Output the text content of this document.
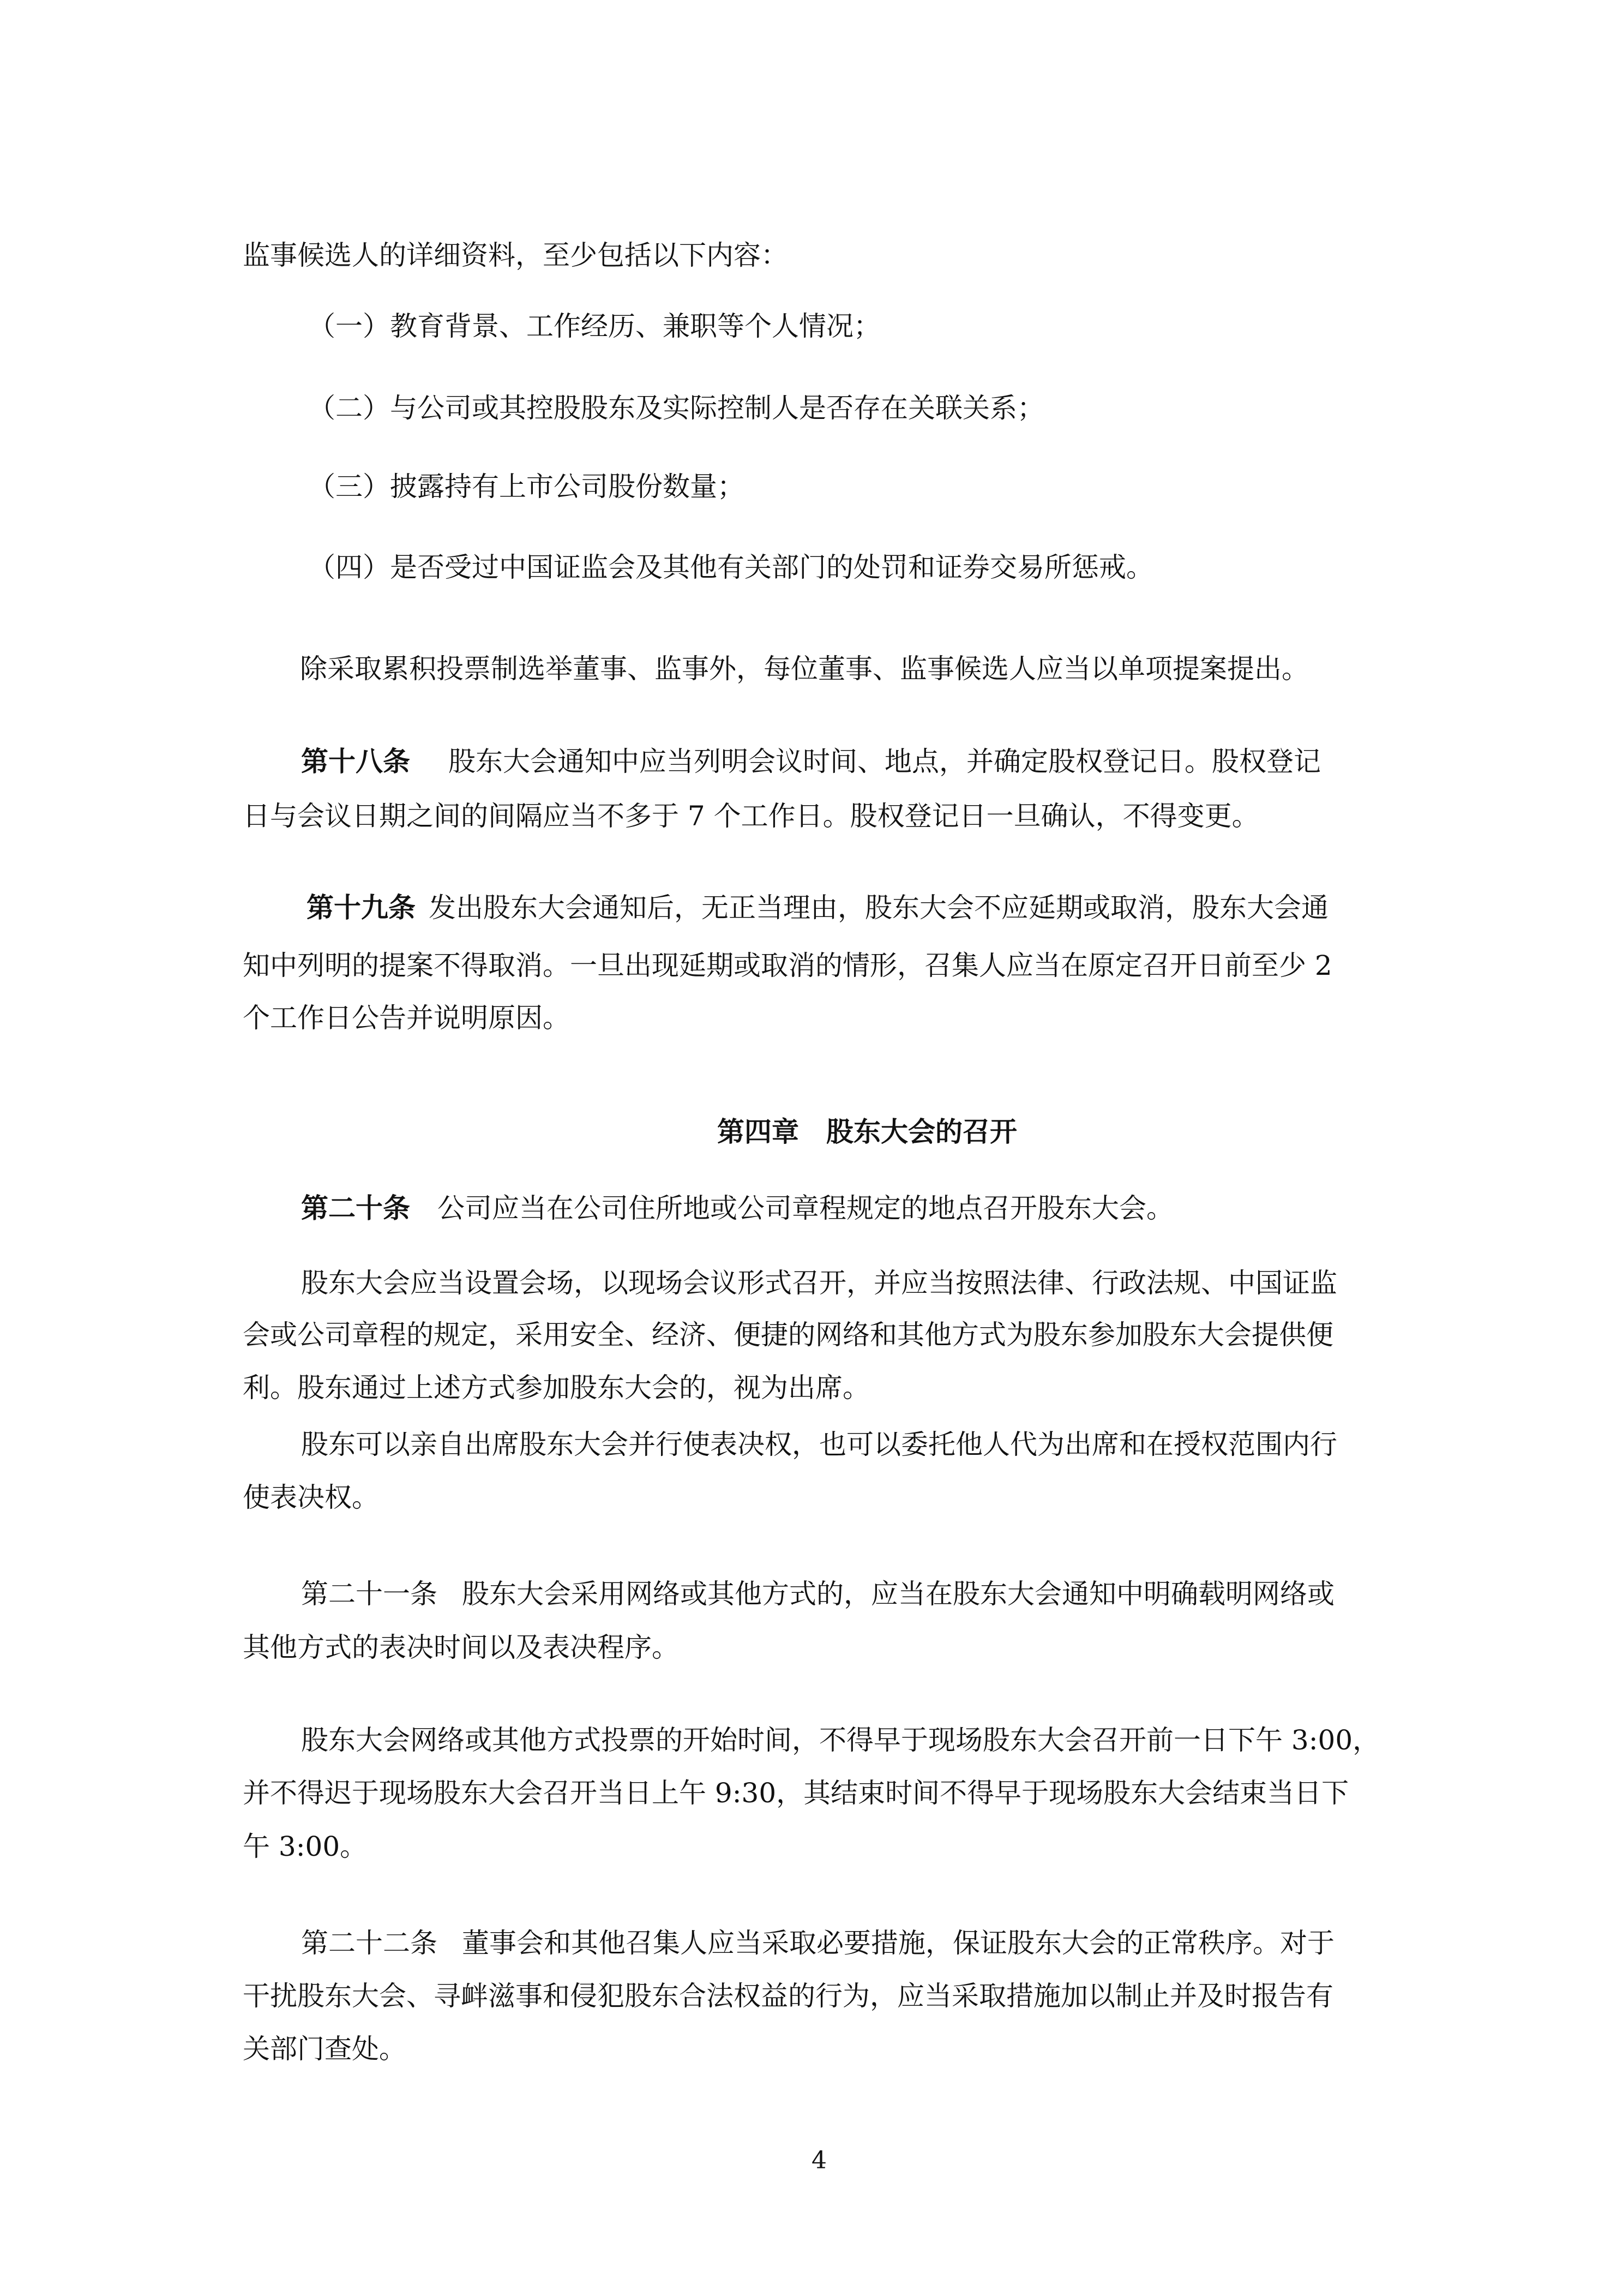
监事候选人的详细资料，至少包括以下内容：
（一）教育背景、工作经历、兼职等个人情况；
（二）与公司或其控股股东及实际控制人是否存在关联关系；
（三）披露持有上市公司股份数量；
（四）是否受过中国证监会及其他有关部门的处罚和证券交易所惩戒。
除采取累积投票制选举董事、监事外，每位董事、监事候选人应当以单项提案提出。
第十八条 股东大会通知中应当列明会议时间、地点，并确定股权登记日。股权登记
日与会议日期之间的间隔应当不多于 7 个工作日。股权登记日一旦确认，不得变更。
第十九条 发出股东大会通知后，无正当理由，股东大会不应延期或取消，股东大会通
知中列明的提案不得取消。一旦出现延期或取消的情形，召集人应当在原定召开日前至少 2
个工作日公告并说明原因。
第四章　股东大会的召开
第二十条 公司应当在公司住所地或公司章程规定的地点召开股东大会。
股东大会应当设置会场，以现场会议形式召开，并应当按照法律、行政法规、中国证监
会或公司章程的规定，采用安全、经济、便捷的网络和其他方式为股东参加股东大会提供便
利。股东通过上述方式参加股东大会的，视为出席。
股东可以亲自出席股东大会并行使表决权，也可以委托他人代为出席和在授权范围内行
使表决权。
第二十一条 股东大会采用网络或其他方式的，应当在股东大会通知中明确载明网络或
其他方式的表决时间以及表决程序。
股东大会网络或其他方式投票的开始时间，不得早于现场股东大会召开前一日下午 3:00，
并不得迟于现场股东大会召开当日上午 9:30，其结束时间不得早于现场股东大会结束当日下
午 3:00。
第二十二条 董事会和其他召集人应当采取必要措施，保证股东大会的正常秩序。对于
干扰股东大会、寻衅滋事和侵犯股东合法权益的行为，应当采取措施加以制止并及时报告有
关部门查处。
4
